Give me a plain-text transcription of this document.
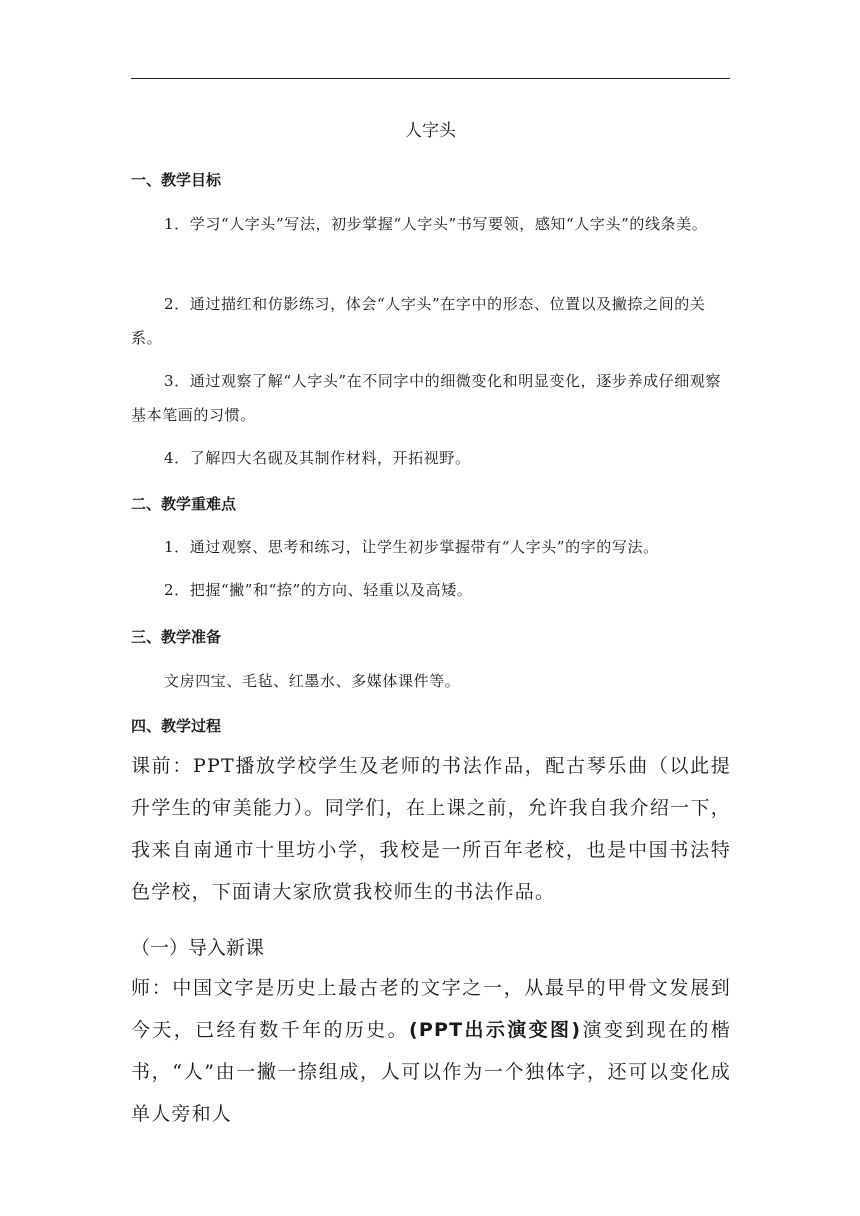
人字头
一、教学目标
1．学习“人字头”写法，初步掌握“人字头”书写要领，感知“人字头”的线条美。
2．通过描红和仿影练习，体会“人字头”在字中的形态、位置以及撇捺之间的关系。
3．通过观察了解“人字头”在不同字中的细微变化和明显变化，逐步养成仔细观察基本笔画的习惯。
4．了解四大名砚及其制作材料，开拓视野。
二、教学重难点
1．通过观察、思考和练习，让学生初步掌握带有“人字头”的字的写法。
2．把握“撇”和“捺”的方向、轻重以及高矮。
三、教学准备
文房四宝、毛毡、红墨水、多媒体课件等。
四、教学过程
课前：PPT播放学校学生及老师的书法作品，配古琴乐曲（以此提升学生的审美能力）。同学们，在上课之前，允许我自我介绍一下，我来自南通市十里坊小学，我校是一所百年老校，也是中国书法特色学校，下面请大家欣赏我校师生的书法作品。
（一）导入新课
师：中国文字是历史上最古老的文字之一，从最早的甲骨文发展到今天，已经有数千年的历史。(PPT出示演变图)演变到现在的楷书，“人”由一撇一捺组成，人可以作为一个独体字，还可以变化成单人旁和人
